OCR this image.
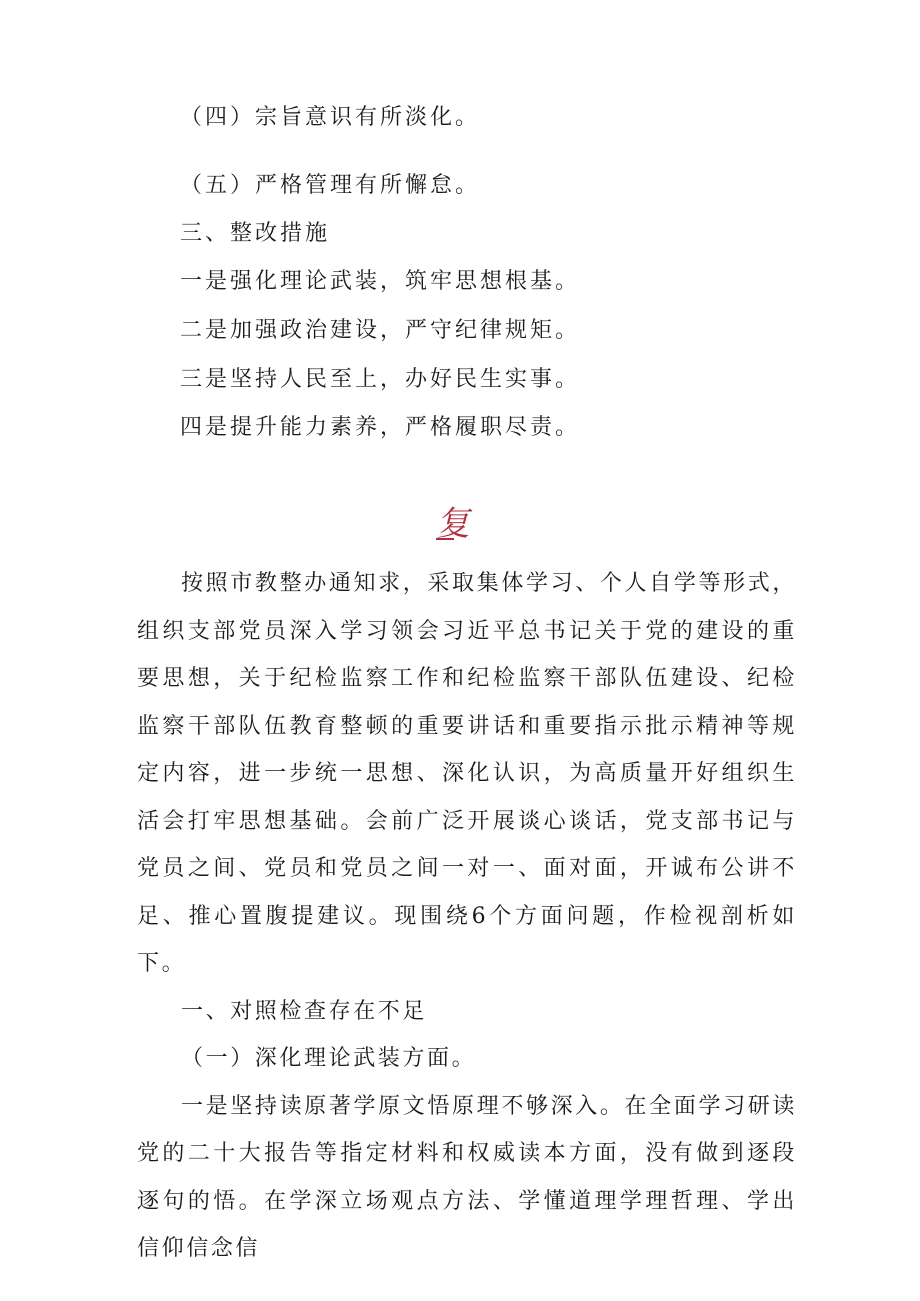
（四）宗旨意识有所淡化。
（五）严格管理有所懈怠。
三、整改措施
一是强化理论武装，筑牢思想根基。
二是加强政治建设，严守纪律规矩。
三是坚持人民至上，办好民生实事。
四是提升能力素养，严格履职尽责。
复

按照市教整办通知求，采取集体学习、个人自学等形式，组织支部党员深入学习领会习近平总书记关于党的建设的重要思想，关于纪检监察工作和纪检监察干部队伍建设、纪检监察干部队伍教育整顿的重要讲话和重要指示批示精神等规定内容，进一步统一思想、深化认识，为高质量开好组织生活会打牢思想基础。会前广泛开展谈心谈话，党支部书记与党员之间、党员和党员之间一对一、面对面，开诚布公讲不足、推心置腹提建议。现围绕6个方面问题，作检视剖析如下。

一、对照检查存在不足

（一）深化理论武装方面。

一是坚持读原著学原文悟原理不够深入。在全面学习研读党的二十大报告等指定材料和权威读本方面，没有做到逐段逐句的悟。在学深立场观点方法、学懂道理学理哲理、学出信仰信念信
